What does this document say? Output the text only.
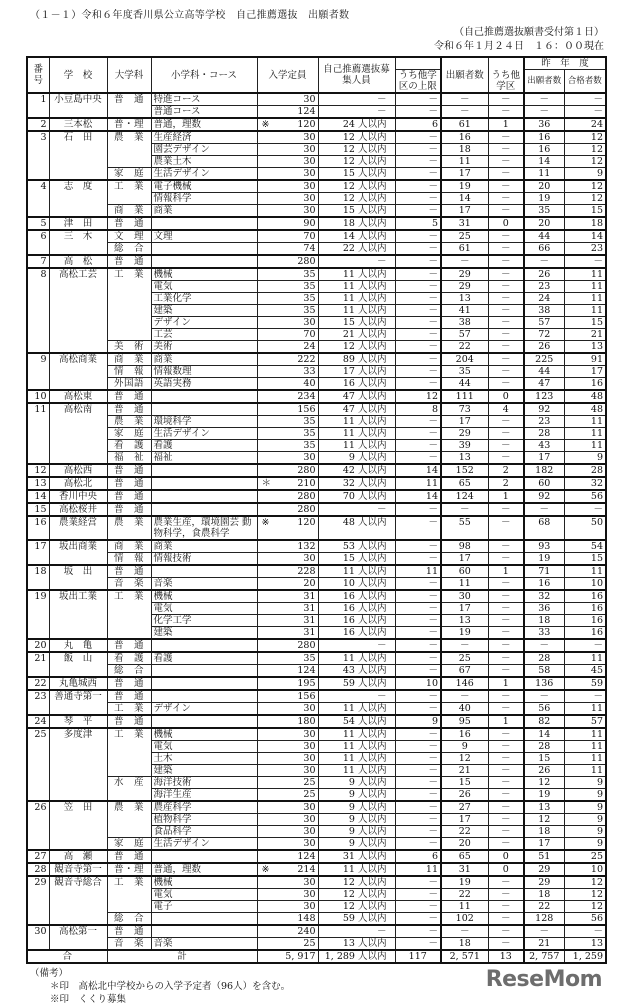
（１－１）令和６年度香川県公立高等学校　自己推薦選抜　出願者数
（自己推薦選抜願書受付第１日）
令和６年１月２４日　１６：００現在
番号	学　校	大学科	小学科・コース	入学定員	自己推薦選抜募集人員		出願者数		昨　年　度	
						うち他学区の上限		うち他学区	出願者数	合格者数
1	小豆島中央	普　通	特進コース	30	－	－	－	－	－	－
			普通コース	124	－	－	－	－	－	－
2	三本松	普・理	普通，理数	※ 120	24 人以内	6	61	1	36	24
3	石　田	農　業	生産経済	30	12 人以内	－	16	－	16	12
			園芸デザイン	30	12 人以内	－	18	－	16	12
			農業土木	30	12 人以内	－	11	－	14	12
		家　庭	生活デザイン	30	15 人以内	－	17	－	11	9
4	志　度	工　業	電子機械	30	12 人以内	－	19	－	20	12
			情報科学	30	12 人以内	－	14	－	19	12
		商　業	商業	30	15 人以内	－	17	－	35	15
5	津　田	普　通		90	18 人以内	5	31	0	20	18
6	三　木	文　理	文理	70	14 人以内	－	25	－	44	14
		総　合		74	22 人以内	－	61	－	66	23
7	高　松	普　通		280	－	－	－	－	－	－
8	高松工芸	工　業	機械	35	11 人以内	－	29	－	26	11
			電気	35	11 人以内	－	29	－	23	11
			工業化学	35	11 人以内	－	13	－	24	11
			建築	35	11 人以内	－	41	－	38	11
			デザイン	30	15 人以内	－	38	－	57	15
			工芸	70	21 人以内	－	57	－	72	21
		美　術	美術	24	12 人以内	－	22	－	26	13
9	高松商業	商　業	商業	222	89 人以内	－	204	－	225	91
		情　報	情報数理	33	17 人以内	－	35	－	44	17
		外国語	英語実務	40	16 人以内	－	44	－	47	16
10	高松東	普　通		234	47 人以内	12	111	0	123	48
11	高松南	普　通		156	47 人以内	8	73	4	92	48
		農　業	環境科学	35	11 人以内	－	17	－	23	11
		家　庭	生活デザイン	35	11 人以内	－	29	－	28	11
		看　護	看護	35	11 人以内	－	39	－	43	11
		福　祉	福祉	30	9 人以内	－	13	－	17	9
12	高松西	普　通		280	42 人以内	14	152	2	182	28
13	高松北	普　通		＊ 210	32 人以内	11	65	2	60	32
14	香川中央	普　通		280	70 人以内	14	124	1	92	56
15	高松桜井	普　通		280	－	－	－	－	－	－
16	農業経営	農　業	農業生産，環境園芸 動物科学，食農科学	※ 120	48 人以内	－	55	－	68	50
17	坂出商業	商　業	商業	132	53 人以内	－	98	－	93	54
		情　報	情報技術	30	15 人以内	－	17	－	19	15
18	坂　出	普　通		228	11 人以内	11	60	1	71	11
		音　楽	音楽	20	10 人以内	－	11	－	16	10
19	坂出工業	工　業	機械	31	16 人以内	－	30	－	32	16
			電気	31	16 人以内	－	17	－	36	16
			化学工学	31	16 人以内	－	13	－	18	16
			建築	31	16 人以内	－	19	－	33	16
20	丸　亀	普　通		280	－	－	－	－	－	－
21	飯　山	看　護	看護	35	11 人以内	－	25	－	28	11
		総　合		124	43 人以内	－	67	－	58	45
22	丸亀城西	普　通		195	59 人以内	10	146	1	136	59
23	善通寺第一	普　通		156	－	－	－	－	－	－
		工　業	デザイン	30	11 人以内	－	40	－	56	11
24	琴　平	普　通		180	54 人以内	9	95	1	82	57
25	多度津	工　業	機械	30	11 人以内	－	16	－	14	11
			電気	30	11 人以内	－	9	－	28	11
			土木	30	11 人以内	－	12	－	15	11
			建築	30	11 人以内	－	21	－	26	11
		水　産	海洋技術	25	9 人以内	－	15	－	12	9
			海洋生産	25	9 人以内	－	26	－	19	9
26	笠　田	農　業	農産科学	30	9 人以内	－	27	－	13	9
			植物科学	30	9 人以内	－	17	－	12	9
			食品科学	30	9 人以内	－	22	－	18	9
		家　庭	生活デザイン	30	9 人以内	－	20	－	17	9
27	高　瀬	普　通		124	31 人以内	6	65	0	51	25
28	観音寺第一	普・理	普通，理数	※ 214	11 人以内	11	31	0	29	10
29	観音寺総合	工　業	機械	30	12 人以内	－	19	－	29	12
			電気	30	12 人以内	－	22	－	18	12
			電子	30	12 人以内	－	11	－	22	12
		総　合		148	59 人以内	－	102	－	128	56
30	高松第一	普　通		240	－	－	－	－	－	－
		音　楽	音楽	25	13 人以内	－	18	－	21	13
合		計		5, 917	1, 289 人以内	117	2, 571	13	2, 757	1, 259
（備考）
＊印　高松北中学校からの入学予定者（96人）を含む。
※印　くくり募集
ReseMom
